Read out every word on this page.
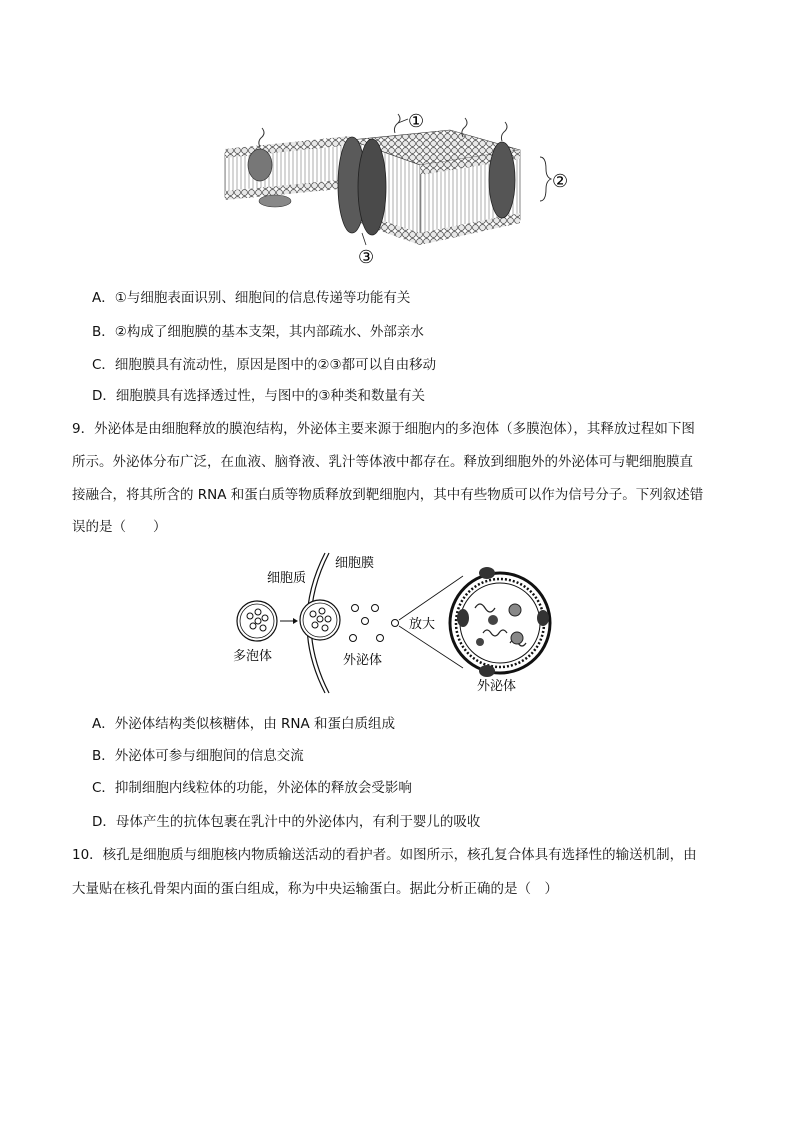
①
②
③
A．①与细胞表面识别、细胞间的信息传递等功能有关
B．②构成了细胞膜的基本支架，其内部疏水、外部亲水
C．细胞膜具有流动性，原因是图中的②③都可以自由移动
D．细胞膜具有选择透过性，与图中的③种类和数量有关
9．外泌体是由细胞释放的膜泡结构，外泌体主要来源于细胞内的多泡体（多膜泡体），其释放过程如下图
所示。外泌体分布广泛，在血液、脑脊液、乳汁等体液中都存在。释放到细胞外的外泌体可与靶细胞膜直
接融合，将其所含的 RNA 和蛋白质等物质释放到靶细胞内，其中有些物质可以作为信号分子。下列叙述错
误的是（　　）
细胞质
细胞膜
多泡体	外泌体
放大
外泌体
A．外泌体结构类似核糖体，由 RNA 和蛋白质组成
B．外泌体可参与细胞间的信息交流
C．抑制细胞内线粒体的功能，外泌体的释放会受影响
D．母体产生的抗体包裹在乳汁中的外泌体内，有利于婴儿的吸收
10．核孔是细胞质与细胞核内物质输送活动的看护者。如图所示，核孔复合体具有选择性的输送机制，由
大量贴在核孔骨架内面的蛋白组成，称为中央运输蛋白。据此分析正确的是（　）
